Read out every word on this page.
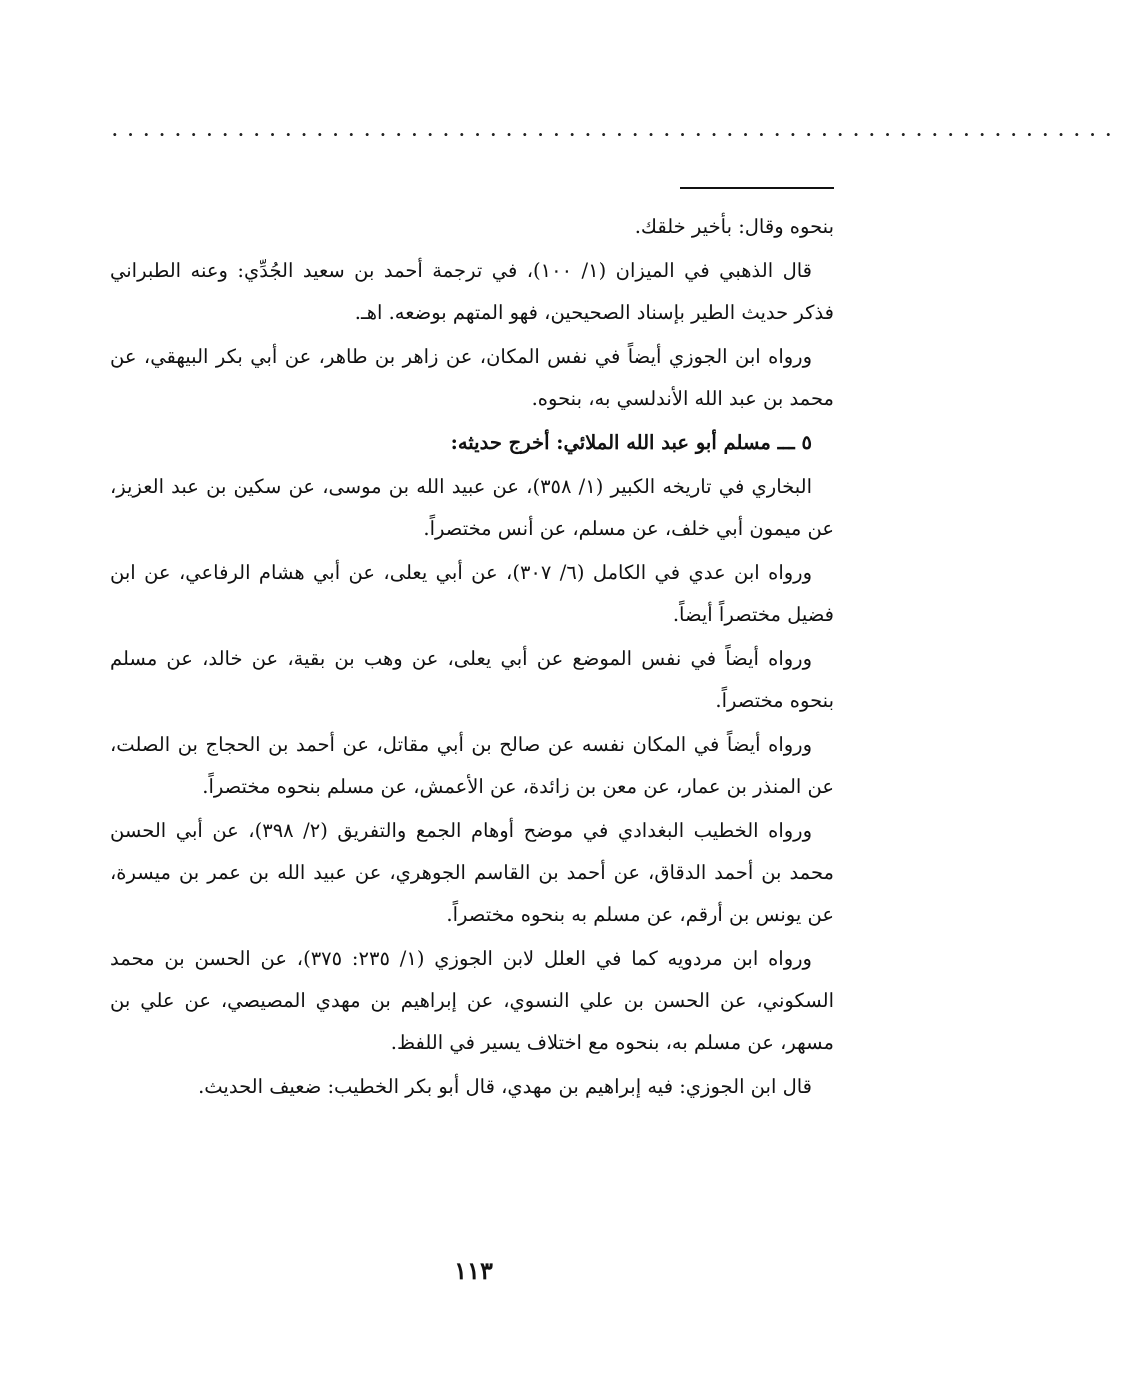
................................................................

بنحوه وقال: بأخير خلقك.

قال الذهبي في الميزان (١/ ١٠٠)، في ترجمة أحمد بن سعيد الجُدِّي: وعنه الطبراني فذكر حديث الطير بإسناد الصحيحين، فهو المتهم بوضعه. اهـ.

ورواه ابن الجوزي أيضاً في نفس المكان، عن زاهر بن طاهر، عن أبي بكر البيهقي، عن محمد بن عبد الله الأندلسي به، بنحوه.

٥ ـــ مسلم أبو عبد الله الملائي: أخرج حديثه:

البخاري في تاريخه الكبير (١/ ٣٥٨)، عن عبيد الله بن موسى، عن سكين بن عبد العزيز، عن ميمون أبي خلف، عن مسلم، عن أنس مختصراً.

ورواه ابن عدي في الكامل (٦/ ٣٠٧)، عن أبي يعلى، عن أبي هشام الرفاعي، عن ابن فضيل مختصراً أيضاً.

ورواه أيضاً في نفس الموضع عن أبي يعلى، عن وهب بن بقية، عن خالد، عن مسلم بنحوه مختصراً.

ورواه أيضاً في المكان نفسه عن صالح بن أبي مقاتل، عن أحمد بن الحجاج بن الصلت، عن المنذر بن عمار، عن معن بن زائدة، عن الأعمش، عن مسلم بنحوه مختصراً.

ورواه الخطيب البغدادي في موضح أوهام الجمع والتفريق (٢/ ٣٩٨)، عن أبي الحسن محمد بن أحمد الدقاق، عن أحمد بن القاسم الجوهري، عن عبيد الله بن عمر بن ميسرة، عن يونس بن أرقم، عن مسلم به بنحوه مختصراً.

ورواه ابن مردويه كما في العلل لابن الجوزي (١/ ٢٣٥: ٣٧٥)، عن الحسن بن محمد السكوني، عن الحسن بن علي النسوي، عن إبراهيم بن مهدي المصيصي، عن علي بن مسهر، عن مسلم به، بنحوه مع اختلاف يسير في اللفظ.

قال ابن الجوزي: فيه إبراهيم بن مهدي، قال أبو بكر الخطيب: ضعيف الحديث.

١١٣
